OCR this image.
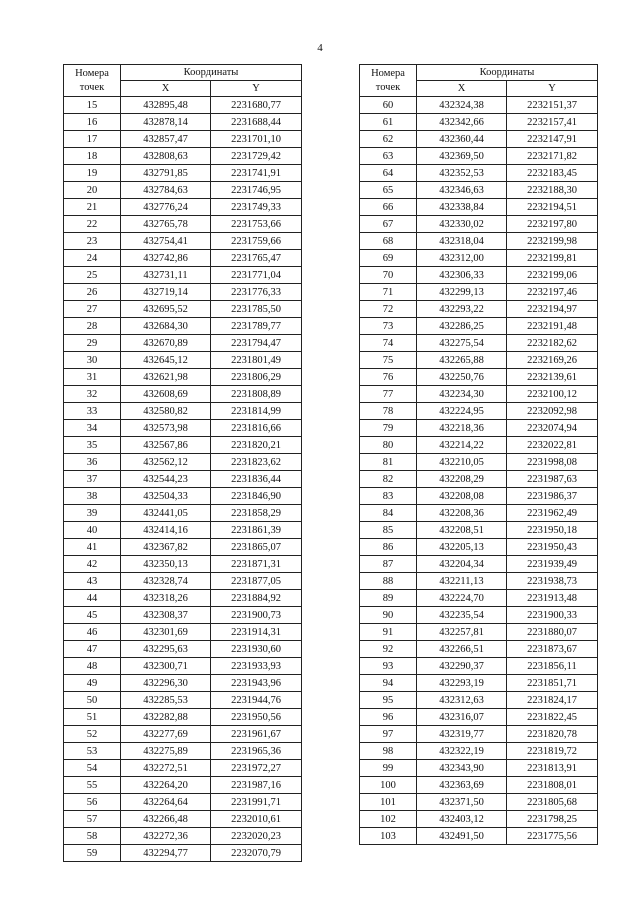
4
Номера
точек	Координаты	
	X	Y
15	432895,48	2231680,77
16	432878,14	2231688,44
17	432857,47	2231701,10
18	432808,63	2231729,42
19	432791,85	2231741,91
20	432784,63	2231746,95
21	432776,24	2231749,33
22	432765,78	2231753,66
23	432754,41	2231759,66
24	432742,86	2231765,47
25	432731,11	2231771,04
26	432719,14	2231776,33
27	432695,52	2231785,50
28	432684,30	2231789,77
29	432670,89	2231794,47
30	432645,12	2231801,49
31	432621,98	2231806,29
32	432608,69	2231808,89
33	432580,82	2231814,99
34	432573,98	2231816,66
35	432567,86	2231820,21
36	432562,12	2231823,62
37	432544,23	2231836,44
38	432504,33	2231846,90
39	432441,05	2231858,29
40	432414,16	2231861,39
41	432367,82	2231865,07
42	432350,13	2231871,31
43	432328,74	2231877,05
44	432318,26	2231884,92
45	432308,37	2231900,73
46	432301,69	2231914,31
47	432295,63	2231930,60
48	432300,71	2231933,93
49	432296,30	2231943,96
50	432285,53	2231944,76
51	432282,88	2231950,56
52	432277,69	2231961,67
53	432275,89	2231965,36
54	432272,51	2231972,27
55	432264,20	2231987,16
56	432264,64	2231991,71
57	432266,48	2232010,61
58	432272,36	2232020,23
59	432294,77	2232070,79
Номера
точек	Координаты	
	X	Y
60	432324,38	2232151,37
61	432342,66	2232157,41
62	432360,44	2232147,91
63	432369,50	2232171,82
64	432352,53	2232183,45
65	432346,63	2232188,30
66	432338,84	2232194,51
67	432330,02	2232197,80
68	432318,04	2232199,98
69	432312,00	2232199,81
70	432306,33	2232199,06
71	432299,13	2232197,46
72	432293,22	2232194,97
73	432286,25	2232191,48
74	432275,54	2232182,62
75	432265,88	2232169,26
76	432250,76	2232139,61
77	432234,30	2232100,12
78	432224,95	2232092,98
79	432218,36	2232074,94
80	432214,22	2232022,81
81	432210,05	2231998,08
82	432208,29	2231987,63
83	432208,08	2231986,37
84	432208,36	2231962,49
85	432208,51	2231950,18
86	432205,13	2231950,43
87	432204,34	2231939,49
88	432211,13	2231938,73
89	432224,70	2231913,48
90	432235,54	2231900,33
91	432257,81	2231880,07
92	432266,51	2231873,67
93	432290,37	2231856,11
94	432293,19	2231851,71
95	432312,63	2231824,17
96	432316,07	2231822,45
97	432319,77	2231820,78
98	432322,19	2231819,72
99	432343,90	2231813,91
100	432363,69	2231808,01
101	432371,50	2231805,68
102	432403,12	2231798,25
103	432491,50	2231775,56
